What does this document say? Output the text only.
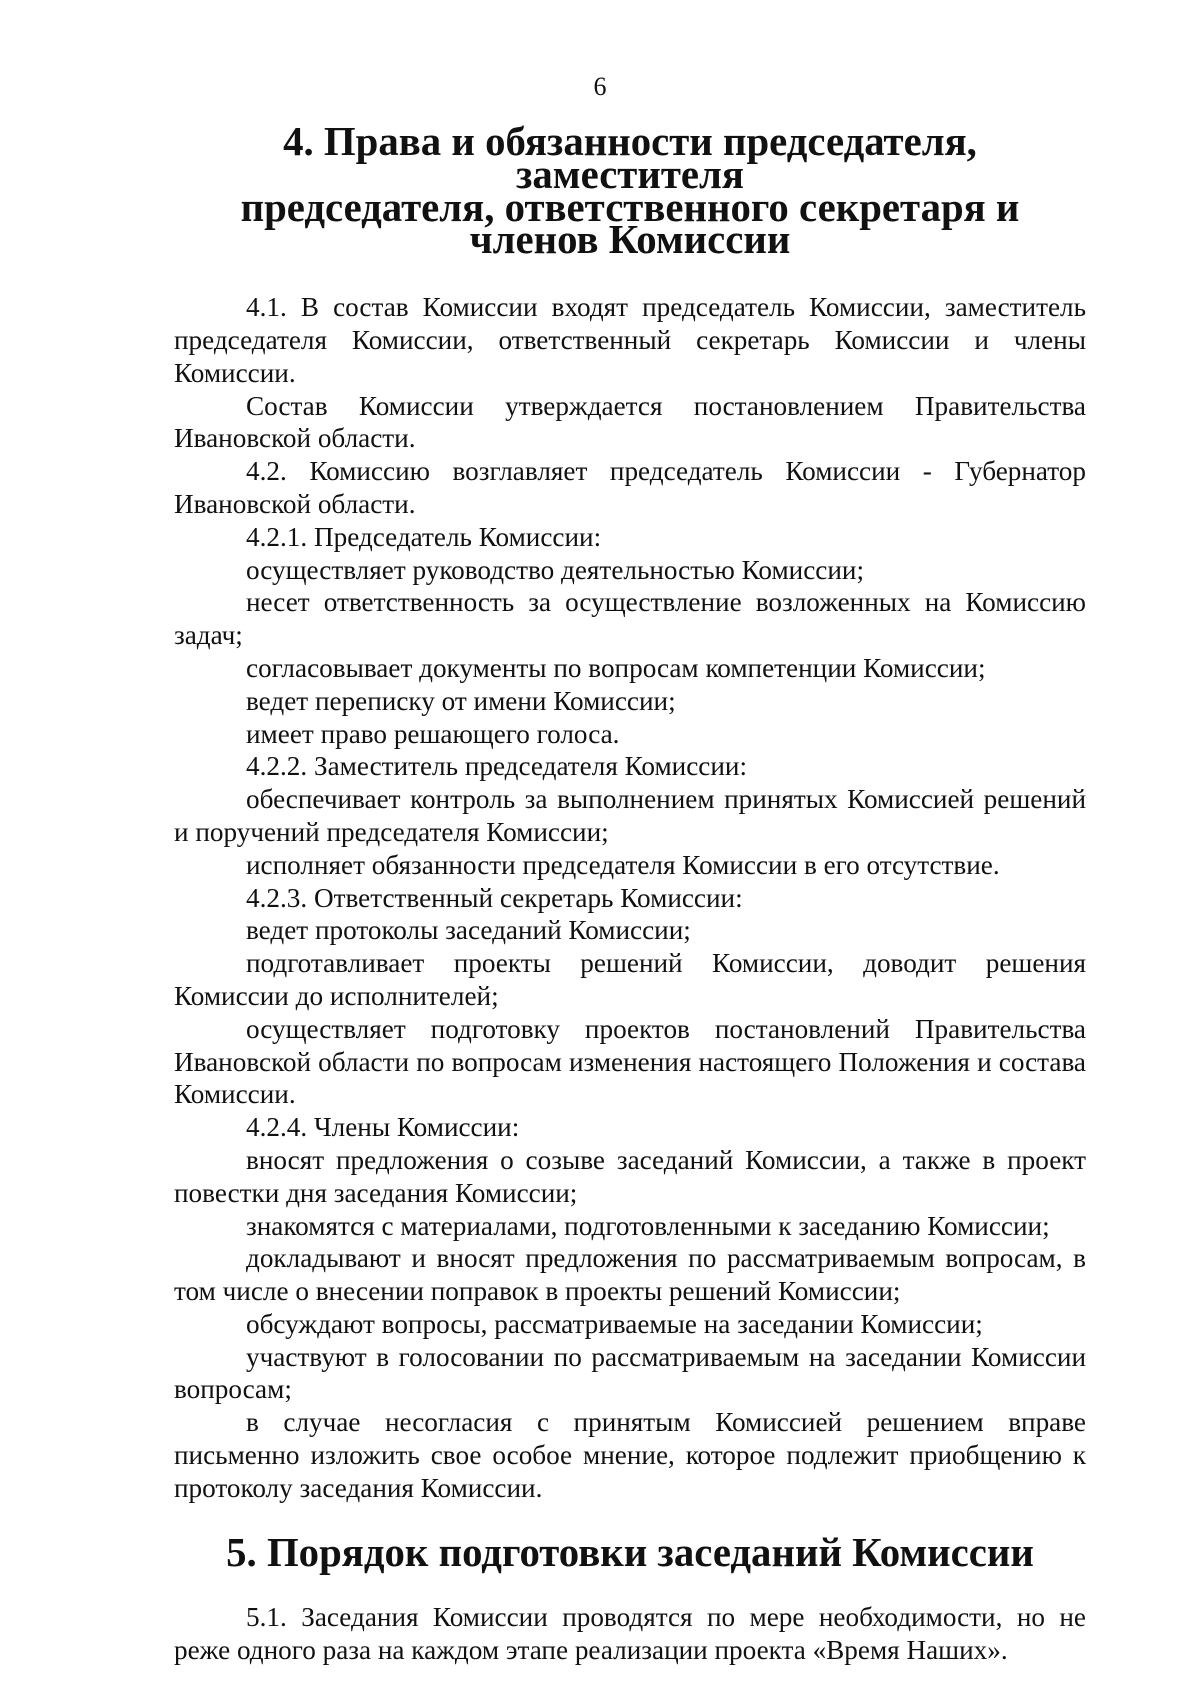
6
4. Права и обязанности председателя, заместителя
председателя, ответственного секретаря и членов Комиссии

4.1. В состав Комиссии входят председатель Комиссии, заместитель председателя Комиссии, ответственный секретарь Комиссии и члены Комиссии.

Состав Комиссии утверждается постановлением Правительства Ивановской области.

4.2. Комиссию возглавляет председатель Комиссии - Губернатор Ивановской области.

4.2.1. Председатель Комиссии:

осуществляет руководство деятельностью Комиссии;

несет ответственность за осуществление возложенных на Комиссию задач;

согласовывает документы по вопросам компетенции Комиссии;

ведет переписку от имени Комиссии;

имеет право решающего голоса.

4.2.2. Заместитель председателя Комиссии:

обеспечивает контроль за выполнением принятых Комиссией решений и поручений председателя Комиссии;

исполняет обязанности председателя Комиссии в его отсутствие.

4.2.3. Ответственный секретарь Комиссии:

ведет протоколы заседаний Комиссии;

подготавливает проекты решений Комиссии, доводит решения Комиссии до исполнителей;

осуществляет подготовку проектов постановлений Правительства Ивановской области по вопросам изменения настоящего Положения и состава Комиссии.

4.2.4. Члены Комиссии:

вносят предложения о созыве заседаний Комиссии, а также в проект повестки дня заседания Комиссии;

знакомятся с материалами, подготовленными к заседанию Комиссии;

докладывают и вносят предложения по рассматриваемым вопросам, в том числе о внесении поправок в проекты решений Комиссии;

обсуждают вопросы, рассматриваемые на заседании Комиссии;

участвуют в голосовании по рассматриваемым на заседании Комиссии вопросам;

в случае несогласия с принятым Комиссией решением вправе письменно изложить свое особое мнение, которое подлежит приобщению к протоколу заседания Комиссии.

5. Порядок подготовки заседаний Комиссии

5.1. Заседания Комиссии проводятся по мере необходимости, но не реже одного раза на каждом этапе реализации проекта «Время Наших».
